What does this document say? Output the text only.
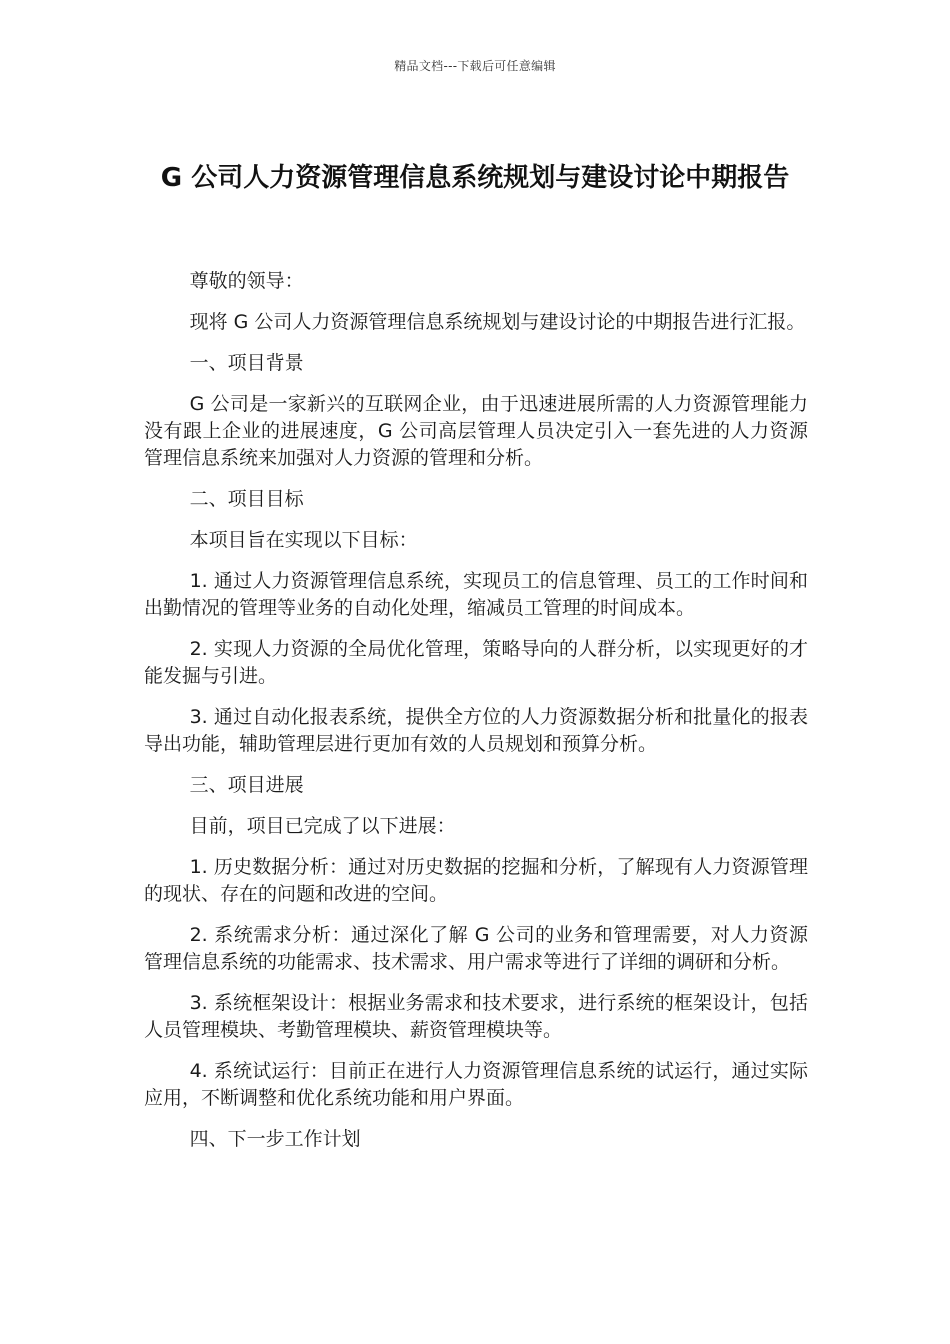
精品文档---下载后可任意编辑
G 公司人力资源管理信息系统规划与建设讨论中期报告

尊敬的领导：

现将 G 公司人力资源管理信息系统规划与建设讨论的中期报告进行汇报。

一、项目背景

G 公司是一家新兴的互联网企业，由于迅速进展所需的人力资源管理能力没有跟上企业的进展速度，G 公司高层管理人员决定引入一套先进的人力资源管理信息系统来加强对人力资源的管理和分析。

二、项目目标

本项目旨在实现以下目标：

1. 通过人力资源管理信息系统，实现员工的信息管理、员工的工作时间和出勤情况的管理等业务的自动化处理，缩减员工管理的时间成本。

2. 实现人力资源的全局优化管理，策略导向的人群分析，以实现更好的才能发掘与引进。

3. 通过自动化报表系统，提供全方位的人力资源数据分析和批量化的报表导出功能，辅助管理层进行更加有效的人员规划和预算分析。

三、项目进展

目前，项目已完成了以下进展：

1. 历史数据分析：通过对历史数据的挖掘和分析，了解现有人力资源管理的现状、存在的问题和改进的空间。

2. 系统需求分析：通过深化了解 G 公司的业务和管理需要，对人力资源管理信息系统的功能需求、技术需求、用户需求等进行了详细的调研和分析。

3. 系统框架设计：根据业务需求和技术要求，进行系统的框架设计，包括人员管理模块、考勤管理模块、薪资管理模块等。

4. 系统试运行：目前正在进行人力资源管理信息系统的试运行，通过实际应用，不断调整和优化系统功能和用户界面。

四、下一步工作计划
